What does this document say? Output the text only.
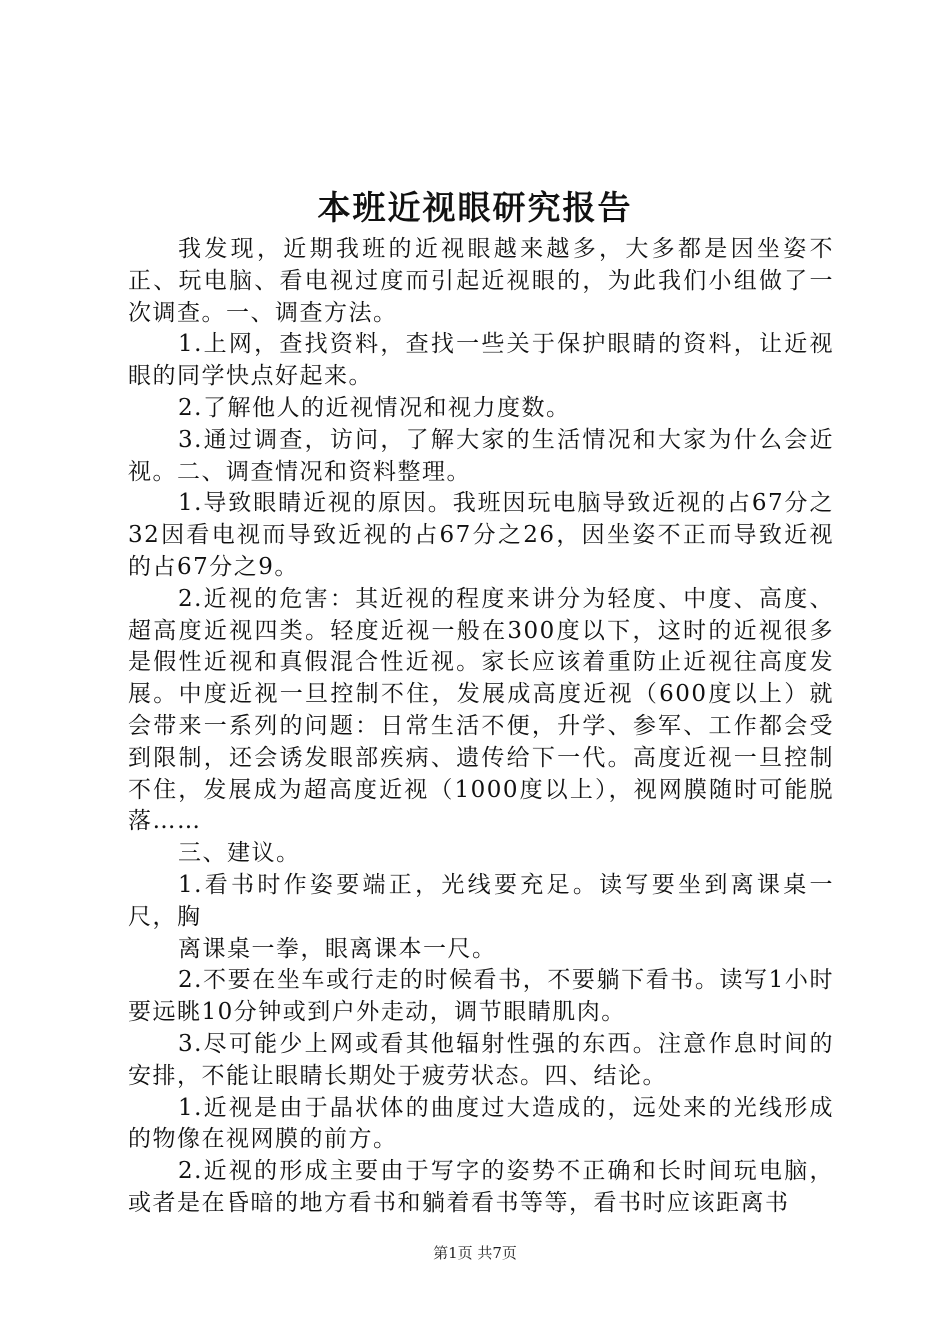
本班近视眼研究报告

我发现，近期我班的近视眼越来越多，大多都是因坐姿不正、玩电脑、看电视过度而引起近视眼的，为此我们小组做了一次调查。一、调查方法。

1.上网，查找资料，查找一些关于保护眼睛的资料，让近视眼的同学快点好起来。

2.了解他人的近视情况和视力度数。

3.通过调查，访问，了解大家的生活情况和大家为什么会近视。二、调查情况和资料整理。

1.导致眼睛近视的原因。我班因玩电脑导致近视的占67分之32因看电视而导致近视的占67分之26，因坐姿不正而导致近视的占67分之9。

2.近视的危害：其近视的程度来讲分为轻度、中度、高度、超高度近视四类。轻度近视一般在300度以下，这时的近视很多是假性近视和真假混合性近视。家长应该着重防止近视往高度发展。中度近视一旦控制不住，发展成高度近视（600度以上）就会带来一系列的问题：日常生活不便，升学、参军、工作都会受到限制，还会诱发眼部疾病、遗传给下一代。高度近视一旦控制不住，发展成为超高度近视（1000度以上），视网膜随时可能脱落……

三、建议。

1.看书时作姿要端正，光线要充足。读写要坐到离课桌一尺，胸

离课桌一拳，眼离课本一尺。

2.不要在坐车或行走的时候看书，不要躺下看书。读写1小时要远眺10分钟或到户外走动，调节眼睛肌肉。

3.尽可能少上网或看其他辐射性强的东西。注意作息时间的安排，不能让眼睛长期处于疲劳状态。四、结论。

1.近视是由于晶状体的曲度过大造成的，远处来的光线形成的物像在视网膜的前方。

2.近视的形成主要由于写字的姿势不正确和长时间玩电脑，或者是在昏暗的地方看书和躺着看书等等，看书时应该距离书

第1页 共7页
